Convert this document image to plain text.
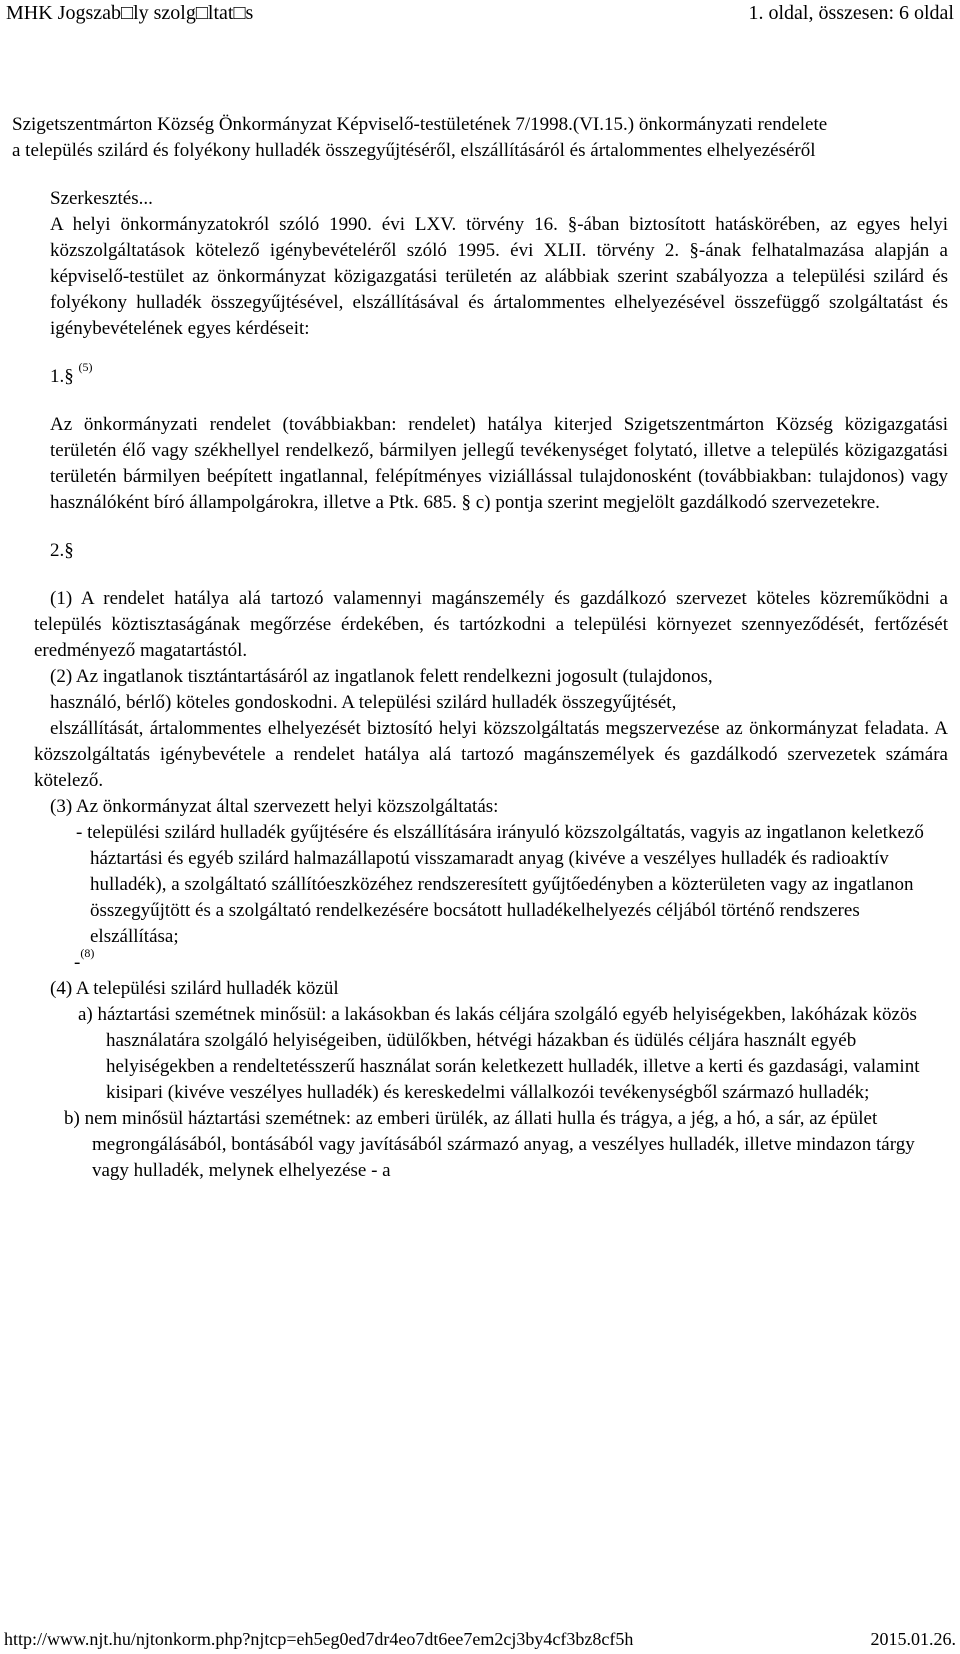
MHK Jogszab□ly szolg□ltat□s	1. oldal, összesen: 6 oldal

Szigetszentmárton Község Önkormányzat Képviselő-testületének 7/1998.(VI.15.) önkormányzati rendelete

a település szilárd és folyékony hulladék összegyűjtéséről, elszállításáról és ártalommentes elhelyezéséről

Szerkesztés...
A helyi önkormányzatokról szóló 1990. évi LXV. törvény 16. §-ában biztosított hatáskörében, az egyes helyi közszolgáltatások kötelező igénybevételéről szóló 1995. évi XLII. törvény 2. §-ának felhatalmazása alapján a képviselő-testület az önkormányzat közigazgatási területén az alábbiak szerint szabályozza a települési szilárd és folyékony hulladék összegyűjtésével, elszállításával és ártalommentes elhelyezésével összefüggő szolgáltatást és igénybevételének egyes kérdéseit:
1.§ $^{(5)}$
Az önkormányzati rendelet (továbbiakban: rendelet) hatálya kiterjed Szigetszentmárton Község közigazgatási területén élő vagy székhellyel rendelkező, bármilyen jellegű tevékenységet folytató, illetve a település közigazgatási területén bármilyen beépített ingatlannal, felépítményes viziállással tulajdonosként (továbbiakban: tulajdonos) vagy használóként bíró állampolgárokra, illetve a Ptk. 685. § c) pontja szerint megjelölt gazdálkodó szervezetekre.
2.§
(1) A rendelet hatálya alá tartozó valamennyi magánszemély és gazdálkozó szervezet köteles közreműködni a település köztisztaságának megőrzése érdekében, és tartózkodni a települési környezet szennyeződését, fertőzését eredményező magatartástól.
(2) Az ingatlanok tisztántartásáról az ingatlanok felett rendelkezni jogosult (tulajdonos,
használó, bérlő) köteles gondoskodni. A települési szilárd hulladék összegyűjtését,
elszállítását, ártalommentes elhelyezését biztosító helyi közszolgáltatás megszervezése az önkormányzat feladata. A közszolgáltatás igénybevétele a rendelet hatálya alá tartozó magánszemélyek és gazdálkodó szervezetek számára kötelező.
(3) Az önkormányzat által szervezett helyi közszolgáltatás:
- települési szilárd hulladék gyűjtésére és elszállítására irányuló közszolgáltatás, vagyis az ingatlanon keletkező háztartási és egyéb szilárd halmazállapotú visszamaradt anyag (kivéve a veszélyes hulladék és radioaktív hulladék), a szolgáltató szállítóeszközéhez rendszeresített gyűjtőedényben a közterületen vagy az ingatlanon összegyűjtött és a szolgáltató rendelkezésére bocsátott hulladékelhelyezés céljából történő rendszeres elszállítása;
-$^{(8)}$
(4) A települési szilárd hulladék közül
a) háztartási szemétnek minősül: a lakásokban és lakás céljára szolgáló egyéb helyiségekben, lakóházak közös használatára szolgáló helyiségeiben, üdülőkben, hétvégi házakban és üdülés céljára használt egyéb helyiségekben a rendeltetésszerű használat során keletkezett hulladék, illetve a kerti és gazdasági, valamint kisipari (kivéve veszélyes hulladék) és kereskedelmi vállalkozói tevékenységből származó hulladék;
b) nem minősül háztartási szemétnek: az emberi ürülék, az állati hulla és trágya, a jég, a hó, a sár, az épület megrongálásából, bontásából vagy javításából származó anyag, a veszélyes hulladék, illetve mindazon tárgy vagy hulladék, melynek elhelyezése - a
http://www.njt.hu/njtonkorm.php?njtcp=eh5eg0ed7dr4eo7dt6ee7em2cj3by4cf3bz8cf5h	2015.01.26.
